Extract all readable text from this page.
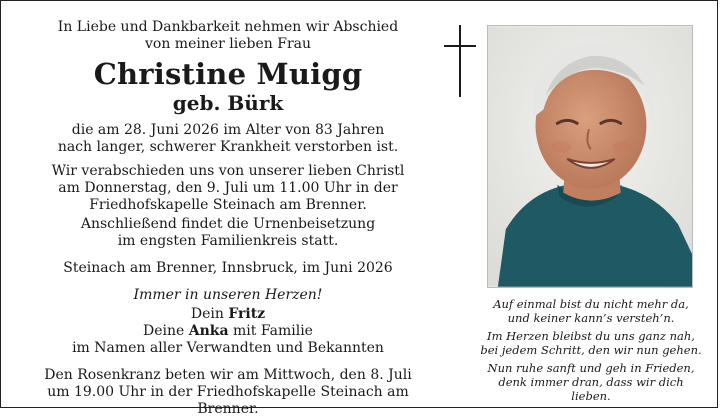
In Liebe und Dankbarkeit nehmen wir Abschied
von meiner lieben Frau
Christine Muigg
geb. Bürk
die am 28. Juni 2026 im Alter von 83 Jahren
nach langer, schwerer Krankheit verstorben ist.
Wir verabschieden uns von unserer lieben Christl
am Donnerstag, den 9. Juli um 11.00 Uhr in der
Friedhofskapelle Steinach am Brenner.
Anschließend findet die Urnenbeisetzung
im engsten Familienkreis statt.
Steinach am Brenner, Innsbruck, im Juni 2026
Immer in unseren Herzen!
Dein Fritz
Deine Anka mit Familie
im Namen aller Verwandten und Bekannten
Den Rosenkranz beten wir am Mittwoch, den 8. Juli
um 19.00 Uhr in der Friedhofskapelle Steinach am Brenner.
Auf einmal bist du nicht mehr da,
und keiner kann’s versteh’n.
Im Herzen bleibst du uns ganz nah,
bei jedem Schritt, den wir nun gehen.
Nun ruhe sanft und geh in Frieden,
denk immer dran, dass wir dich lieben.
